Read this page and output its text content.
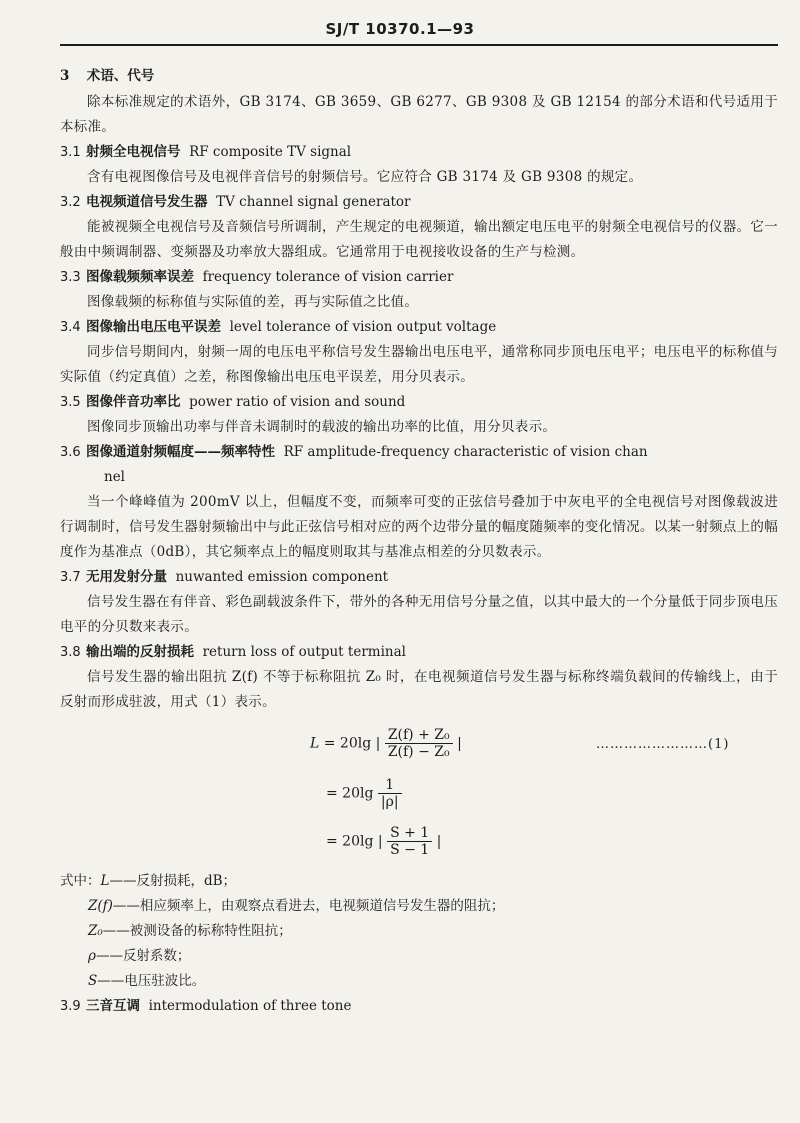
SJ/T 10370.1—93
3 术语、代号

除本标准规定的术语外，GB 3174、GB 3659、GB 6277、GB 9308 及 GB 12154 的部分术语和代号适用于本标准。

3.1 射频全电视信号 RF composite TV signal

含有电视图像信号及电视伴音信号的射频信号。它应符合 GB 3174 及 GB 9308 的规定。

3.2 电视频道信号发生器 TV channel signal generator

能被视频全电视信号及音频信号所调制，产生规定的电视频道，输出额定电压电平的射频全电视信号的仪器。它一般由中频调制器、变频器及功率放大器组成。它通常用于电视接收设备的生产与检测。

3.3 图像载频频率误差 frequency tolerance of vision carrier

图像载频的标称值与实际值的差，再与实际值之比值。

3.4 图像输出电压电平误差 level tolerance of vision output voltage

同步信号期间内，射频一周的电压电平称信号发生器输出电压电平，通常称同步顶电压电平；电压电平的标称值与实际值（约定真值）之差，称图像输出电压电平误差，用分贝表示。

3.5 图像伴音功率比 power ratio of vision and sound

图像同步顶输出功率与伴音未调制时的载波的输出功率的比值，用分贝表示。

3.6 图像通道射频幅度——频率特性 RF amplitude-frequency characteristic of vision chan
nel

当一个峰峰值为 200mV 以上，但幅度不变，而频率可变的正弦信号叠加于中灰电平的全电视信号对图像载波进行调制时，信号发生器射频输出中与此正弦信号相对应的两个边带分量的幅度随频率的变化情况。以某一射频点上的幅度作为基准点（0dB），其它频率点上的幅度则取其与基准点相差的分贝数表示。

3.7 无用发射分量 nuwanted emission component

信号发生器在有伴音、彩色副载波条件下，带外的各种无用信号分量之值，以其中最大的一个分量低于同步顶电压电平的分贝数来表示。

3.8 输出端的反射损耗 return loss of output terminal

信号发生器的输出阻抗 Z(f) 不等于标称阻抗 Z₀ 时，在电视频道信号发生器与标称终端负载间的传输线上，由于反射而形成驻波，用式（1）表示。

L = 20lg | $\frac{\text{Z(f) + Z₀}}{\text{Z(f) − Z₀}}$ |	……………………(1)
= $20\lg \frac{1}{|\rho|}$
= 20lg | $\frac{S + 1}{S - 1}$ |
式中：L——反射损耗，dB；
Z(f)——相应频率上，由观察点看进去，电视频道信号发生器的阻抗；
Z₀——被测设备的标称特性阻抗；
ρ——反射系数；
S——电压驻波比。
3.9 三音互调 intermodulation of three tone
